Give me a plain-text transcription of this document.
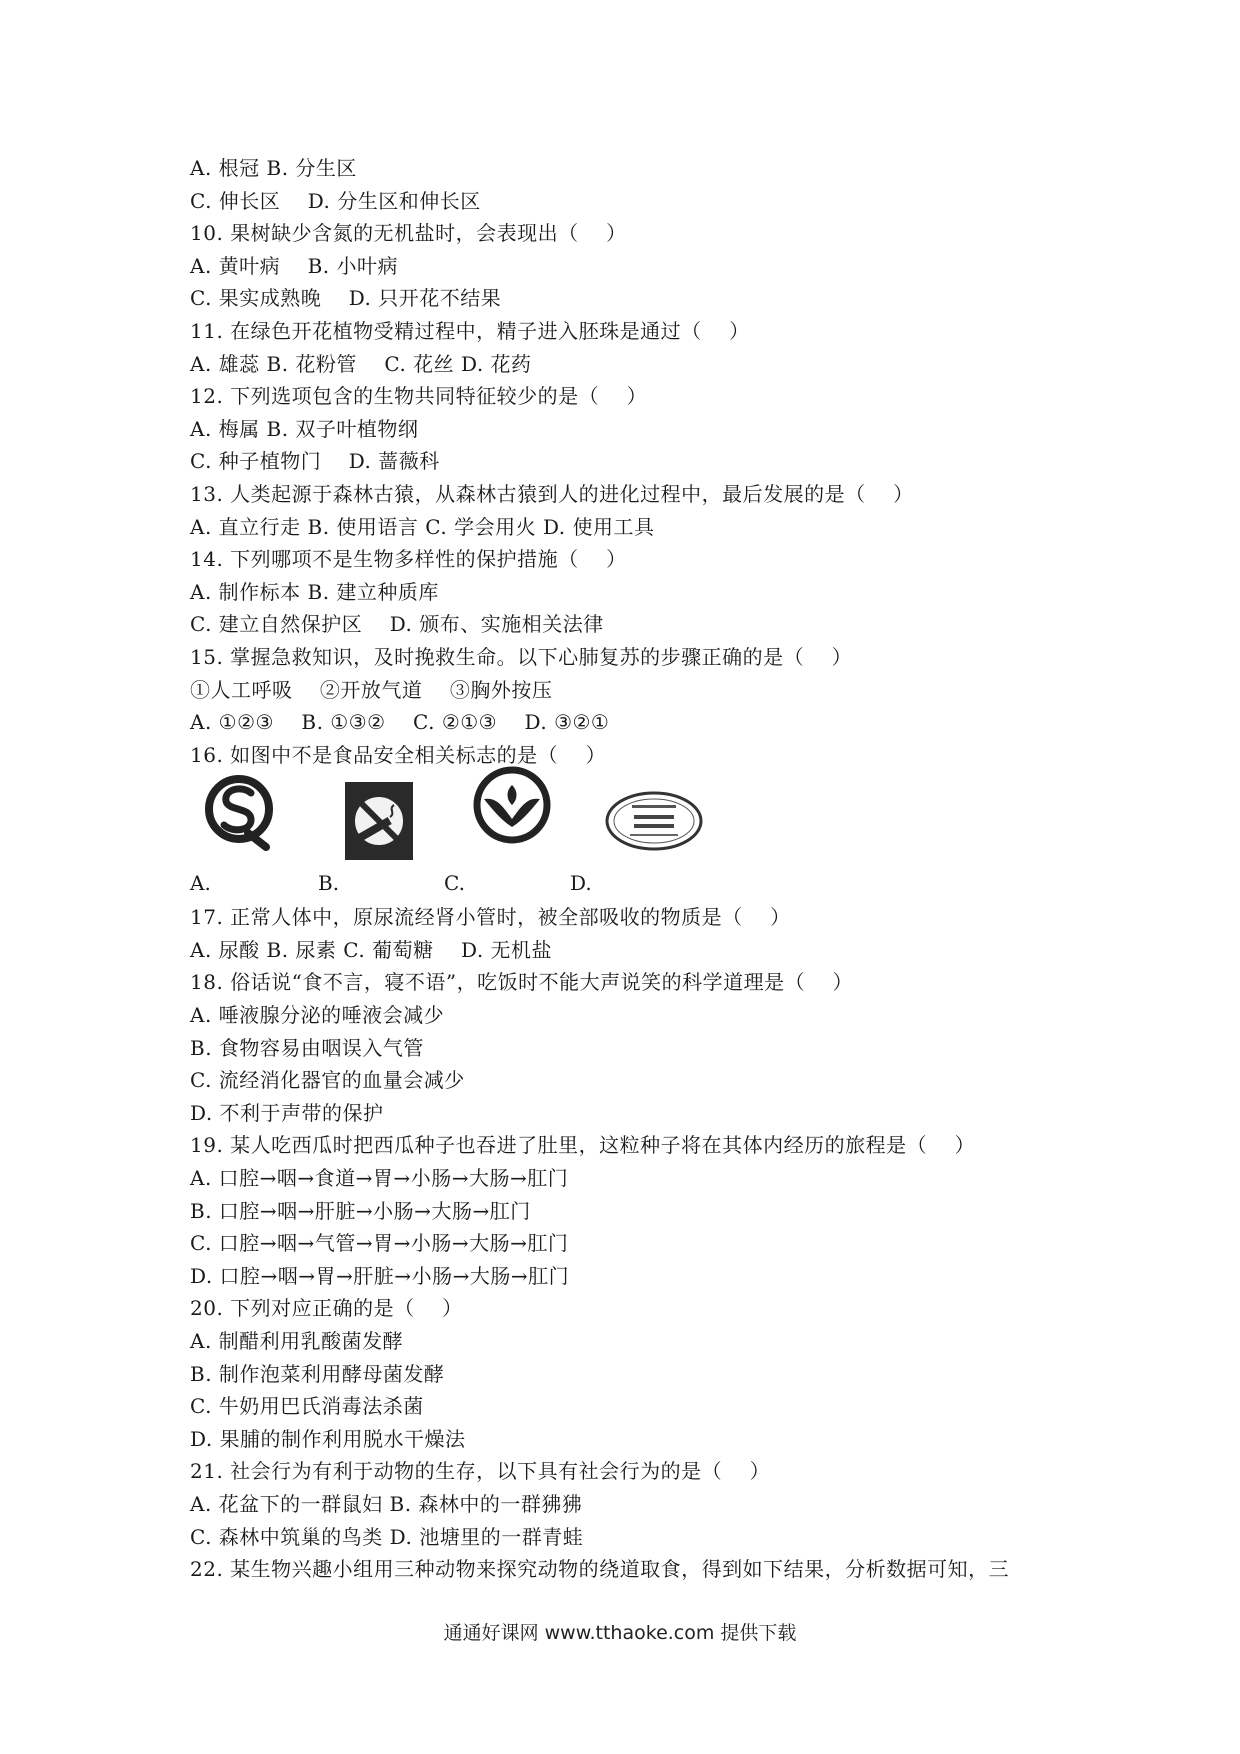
A. 根冠 B. 分生区
C. 伸长区    D. 分生区和伸长区
10. 果树缺少含氮的无机盐时，会表现出（    ）
A. 黄叶病    B. 小叶病
C. 果实成熟晚    D. 只开花不结果
11. 在绿色开花植物受精过程中，精子进入胚珠是通过（    ）
A. 雄蕊 B. 花粉管    C. 花丝 D. 花药
12. 下列选项包含的生物共同特征较少的是（    ）
A. 梅属 B. 双子叶植物纲
C. 种子植物门    D. 蔷薇科
13. 人类起源于森林古猿，从森林古猿到人的进化过程中，最后发展的是（    ）
A. 直立行走 B. 使用语言 C. 学会用火 D. 使用工具
14. 下列哪项不是生物多样性的保护措施（    ）
A. 制作标本 B. 建立种质库
C. 建立自然保护区    D. 颁布、实施相关法律
15. 掌握急救知识，及时挽救生命。以下心肺复苏的步骤正确的是（    ）
①人工呼吸    ②开放气道    ③胸外按压
A. ①②③    B. ①③②    C. ②①③    D. ③②①
16. 如图中不是食品安全相关标志的是（    ）
A.	B.	C.	D.
17. 正常人体中，原尿流经肾小管时，被全部吸收的物质是（    ）
A. 尿酸 B. 尿素 C. 葡萄糖    D. 无机盐
18. 俗话说“食不言，寝不语”，吃饭时不能大声说笑的科学道理是（    ）
A. 唾液腺分泌的唾液会减少
B. 食物容易由咽误入气管
C. 流经消化器官的血量会减少
D. 不利于声带的保护
19. 某人吃西瓜时把西瓜种子也吞进了肚里，这粒种子将在其体内经历的旅程是（    ）
A. 口腔→咽→食道→胃→小肠→大肠→肛门
B. 口腔→咽→肝脏→小肠→大肠→肛门
C. 口腔→咽→气管→胃→小肠→大肠→肛门
D. 口腔→咽→胃→肝脏→小肠→大肠→肛门
20. 下列对应正确的是（    ）
A. 制醋利用乳酸菌发酵
B. 制作泡菜利用酵母菌发酵
C. 牛奶用巴氏消毒法杀菌
D. 果脯的制作利用脱水干燥法
21. 社会行为有利于动物的生存，以下具有社会行为的是（    ）
A. 花盆下的一群鼠妇 B. 森林中的一群狒狒
C. 森林中筑巢的鸟类 D. 池塘里的一群青蛙
22. 某生物兴趣小组用三种动物来探究动物的绕道取食，得到如下结果，分析数据可知，三
通通好课网 www.tthaoke.com 提供下载
